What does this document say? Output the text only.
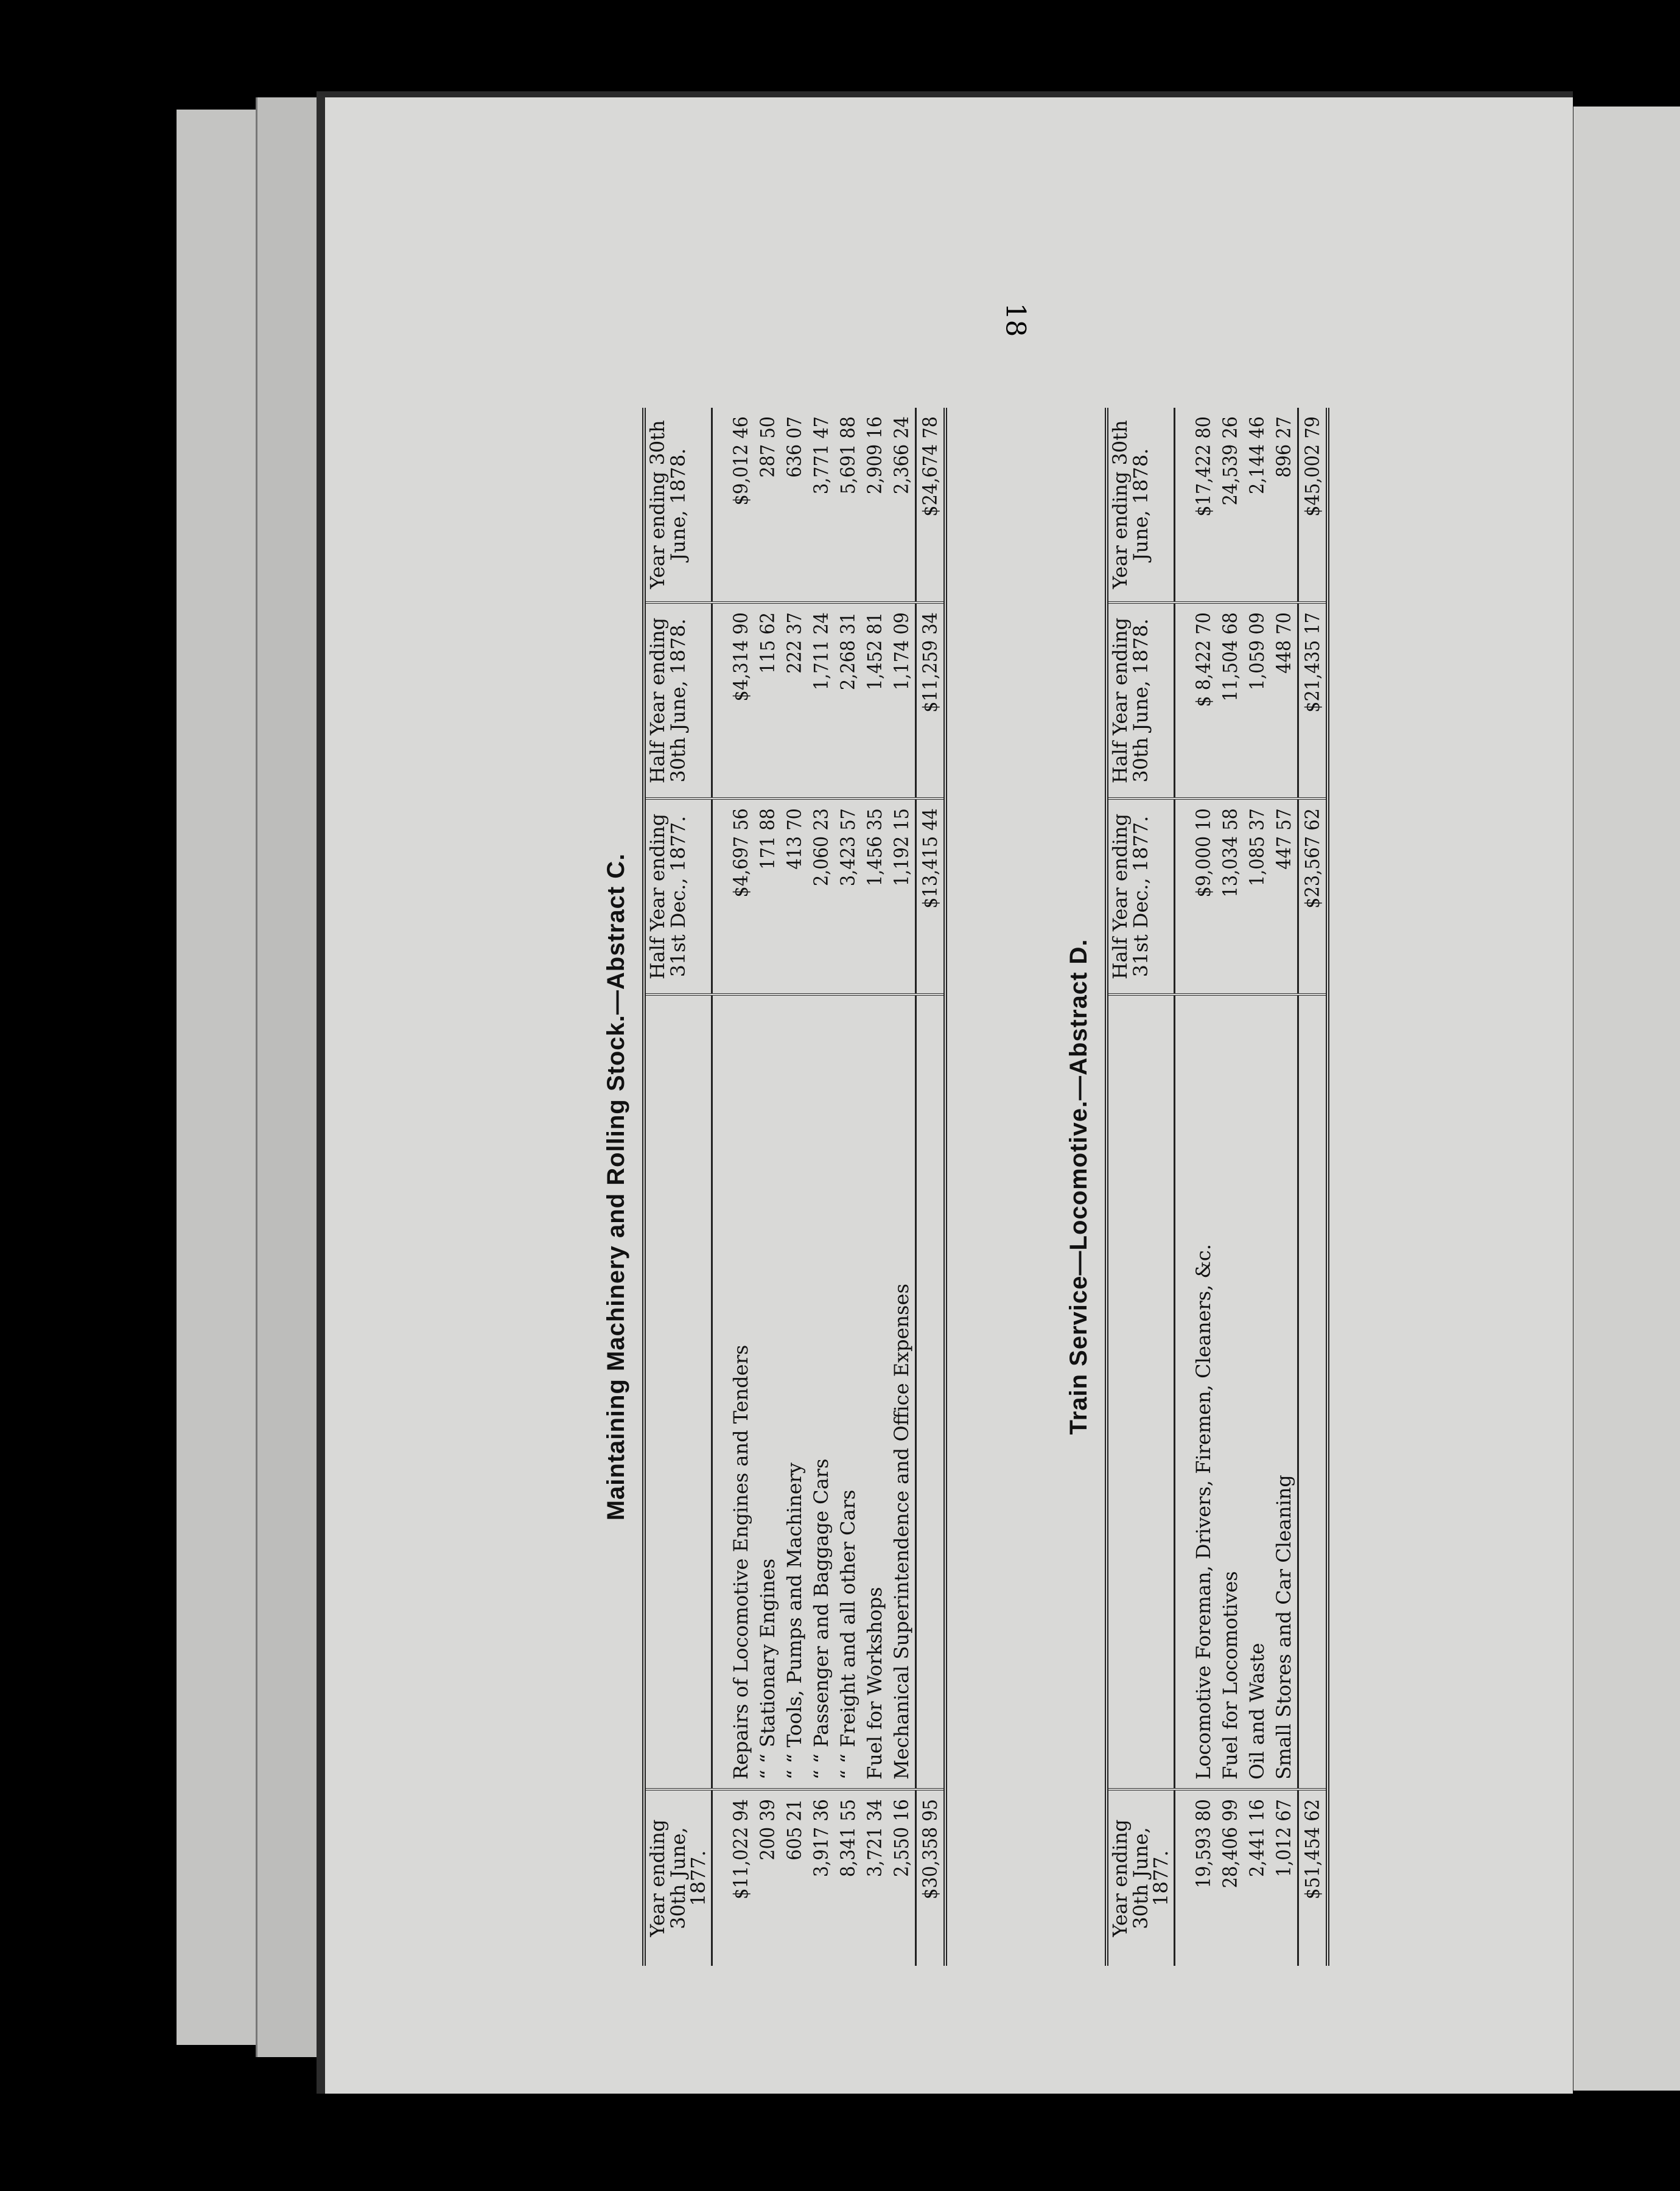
18
Maintaining Machinery and Rolling Stock.—Abstract C.
Year ending 30th June, 1877.		Half Year ending 31st Dec., 1877.	Half Year ending 30th June, 1878.	Year ending 30th June, 1878.

$11,022 94	Repairs of Locomotive Engines and Tenders	$4,697 56	$4,314 90	$9,012 46
200 39	“ “ Stationary Engines	171 88	115 62	287 50
605 21	“ “ Tools, Pumps and Machinery	413 70	222 37	636 07
3,917 36	“ “ Passenger and Baggage Cars	2,060 23	1,711 24	3,771 47
8,341 55	“ “ Freight and all other Cars	3,423 57	2,268 31	5,691 88
3,721 34	Fuel for Workshops	1,456 35	1,452 81	2,909 16
2,550 16	Mechanical Superintendence and Office Expenses	1,192 15	1,174 09	2,366 24
$30,358 95		$13,415 44	$11,259 34	$24,674 78
Train Service—Locomotive.—Abstract D.
Year ending 30th June, 1877.		Half Year ending 31st Dec., 1877.	Half Year ending 30th June, 1878.	Year ending 30th June, 1878.

19,593 80	Locomotive Foreman, Drivers, Firemen, Cleaners, &c.	$9,000 10	$ 8,422 70	$17,422 80
28,406 99	Fuel for Locomotives	13,034 58	11,504 68	24,539 26
2,441 16	Oil and Waste	1,085 37	1,059 09	2,144 46
1,012 67	Small Stores and Car Cleaning	447 57	448 70	896 27
$51,454 62		$23,567 62	$21,435 17	$45,002 79
